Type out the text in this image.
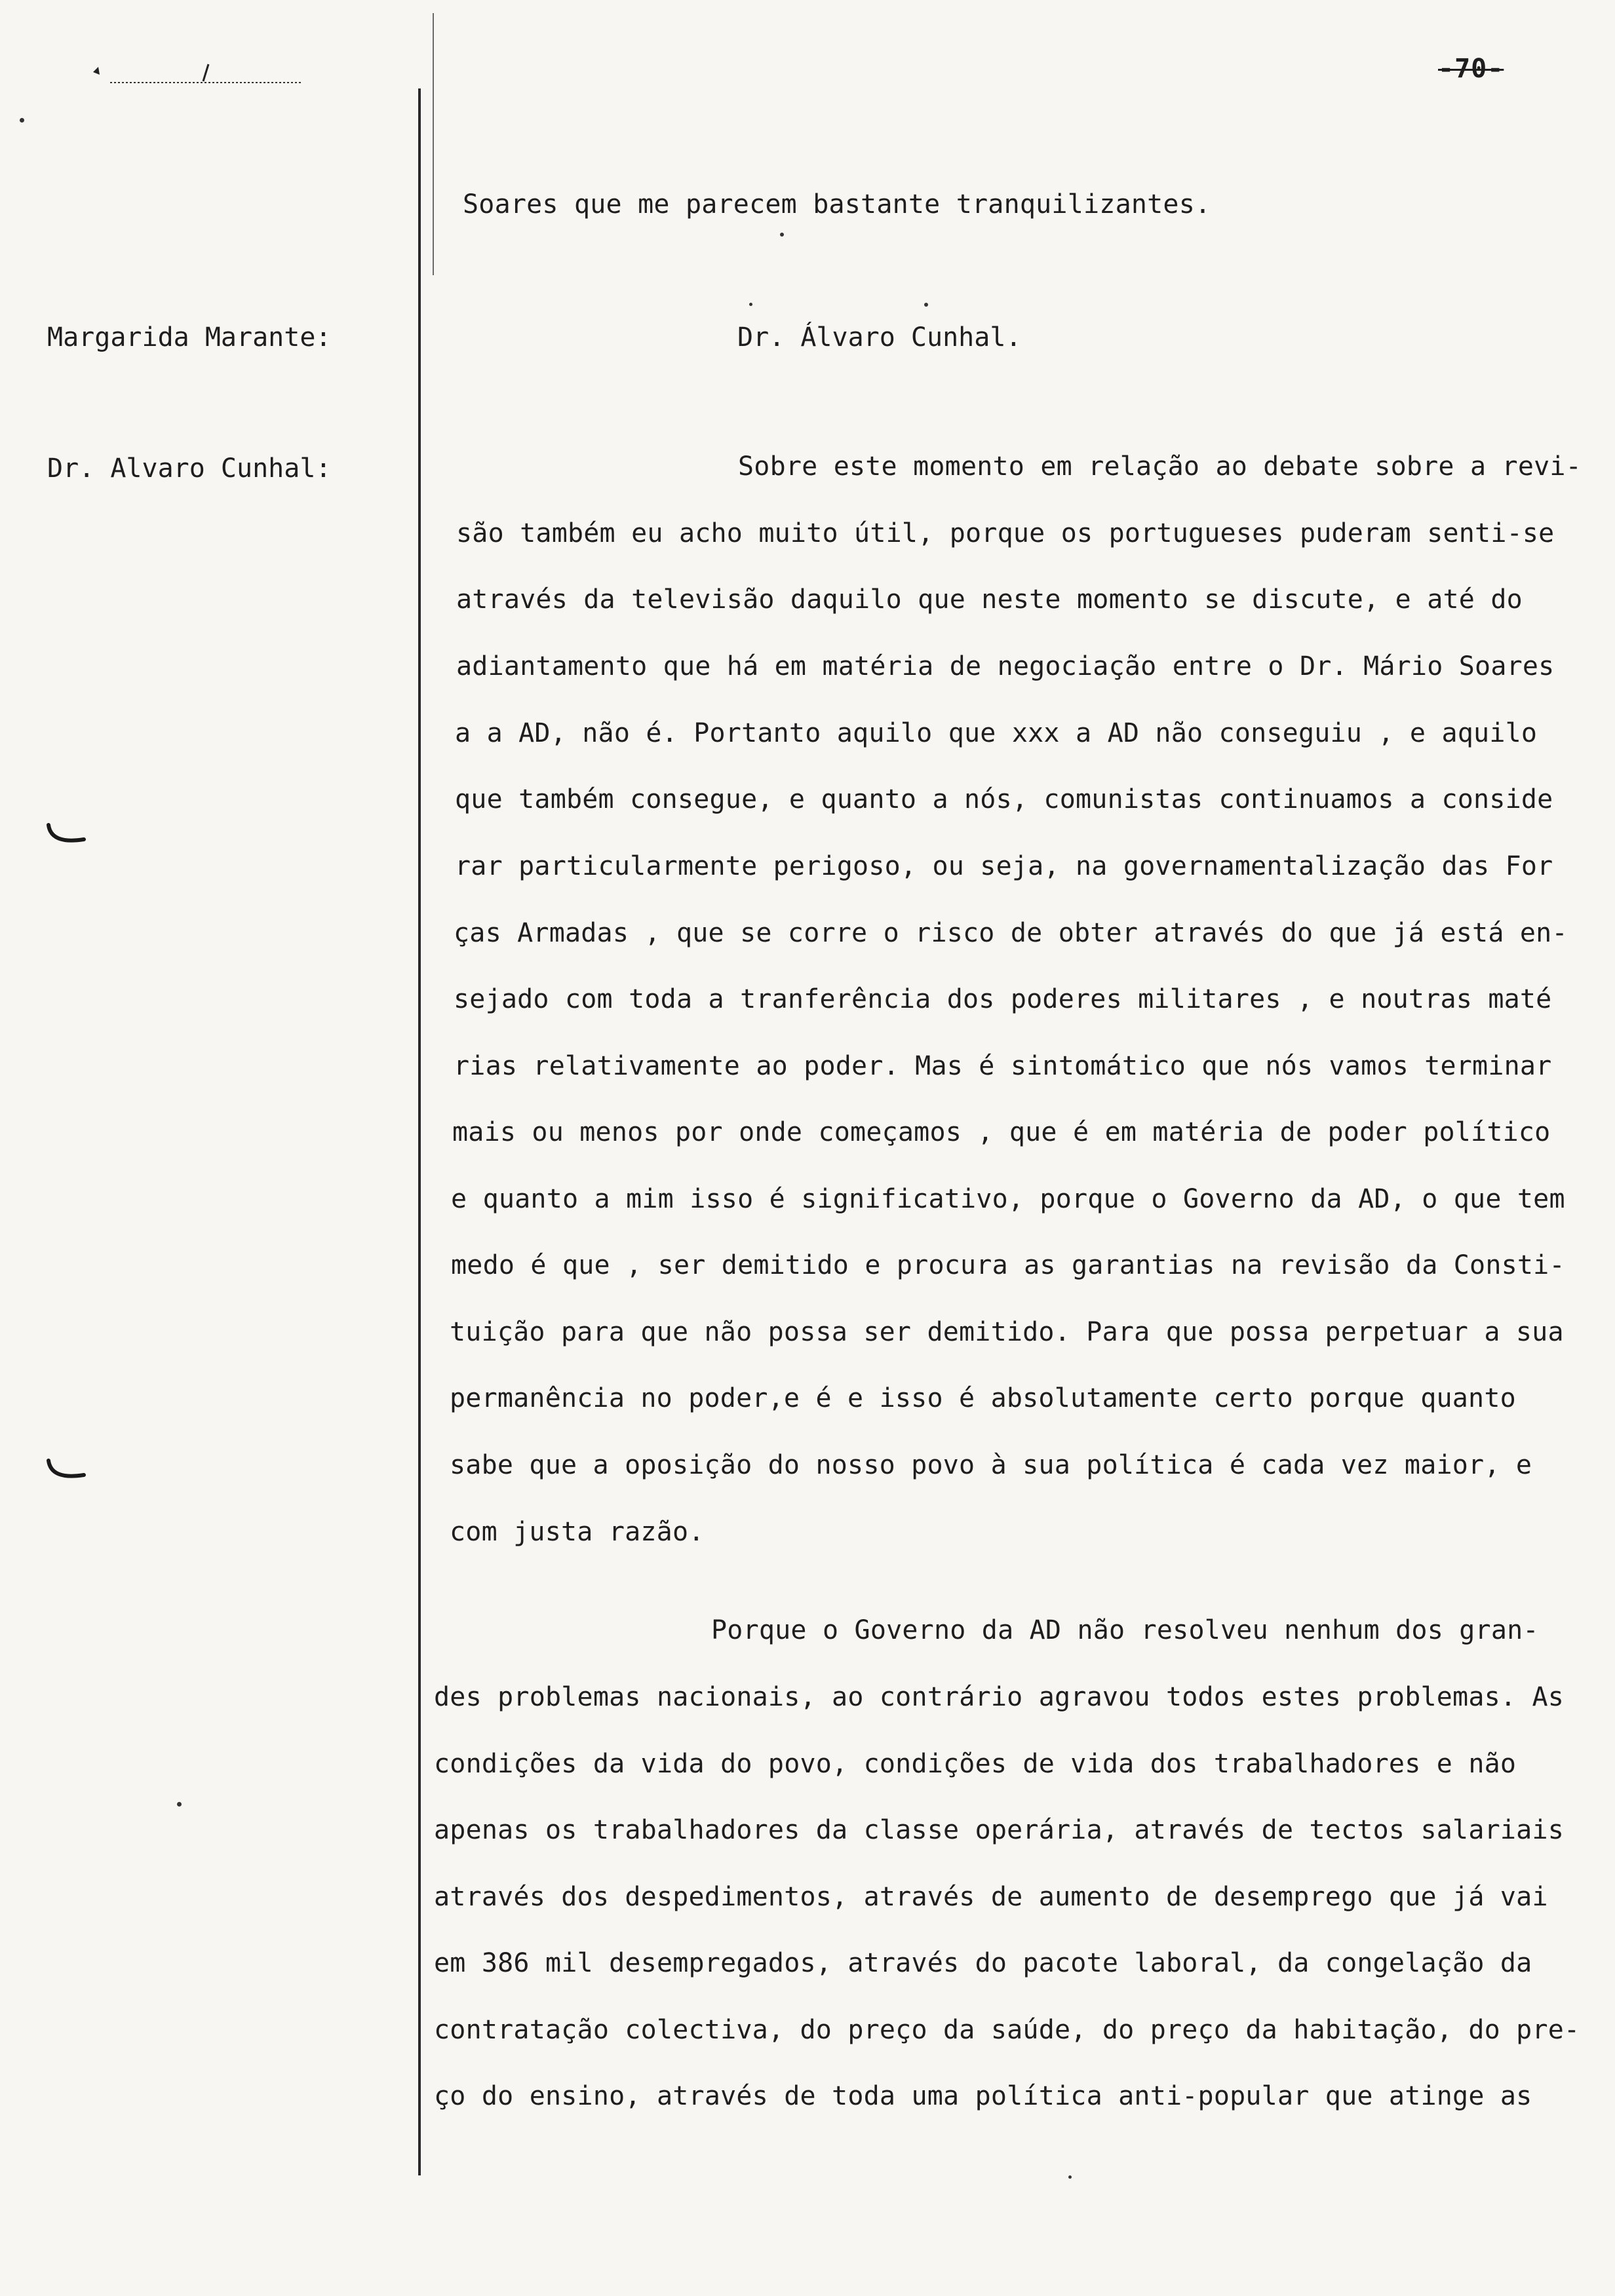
-70-
Margarida Marante:
Dr. Alvaro Cunhal:
Dr. Álvaro Cunhal.
Soares que me parecem bastante tranquilizantes.
Sobre este momento em relação ao debate sobre a revi-
são também eu acho muito útil, porque os portugueses puderam senti-se
através da televisão daquilo que neste momento se discute, e até do
adiantamento que há em matéria de negociação entre o Dr. Mário Soares
a a AD, não é. Portanto aquilo que xxx a AD não conseguiu , e aquilo
que também consegue, e quanto a nós, comunistas continuamos a conside
rar particularmente perigoso, ou seja, na governamentalização das For
ças Armadas , que se corre o risco de obter através do que já está en-
sejado com toda a tranferência dos poderes militares , e noutras maté
rias relativamente ao poder. Mas é sintomático que nós vamos terminar
mais ou menos por onde começamos , que é em matéria de poder político
e quanto a mim isso é significativo, porque o Governo da AD, o que tem
medo é que , ser demitido e procura as garantias na revisão da Consti-
tuição para que não possa ser demitido. Para que possa perpetuar a sua
permanência no poder,e é e isso é absolutamente certo porque quanto
sabe que a oposição do nosso povo à sua política é cada vez maior, e
com justa razão.
Porque o Governo da AD não resolveu nenhum dos gran-
des problemas nacionais, ao contrário agravou todos estes problemas. As
condições da vida do povo, condições de vida dos trabalhadores e não
apenas os trabalhadores da classe operária, através de tectos salariais
através dos despedimentos, através de aumento de desemprego que já vai
em 386 mil desempregados, através do pacote laboral, da congelação da
contratação colectiva, do preço da saúde, do preço da habitação, do pre-
ço do ensino, através de toda uma política anti-popular que atinge as
